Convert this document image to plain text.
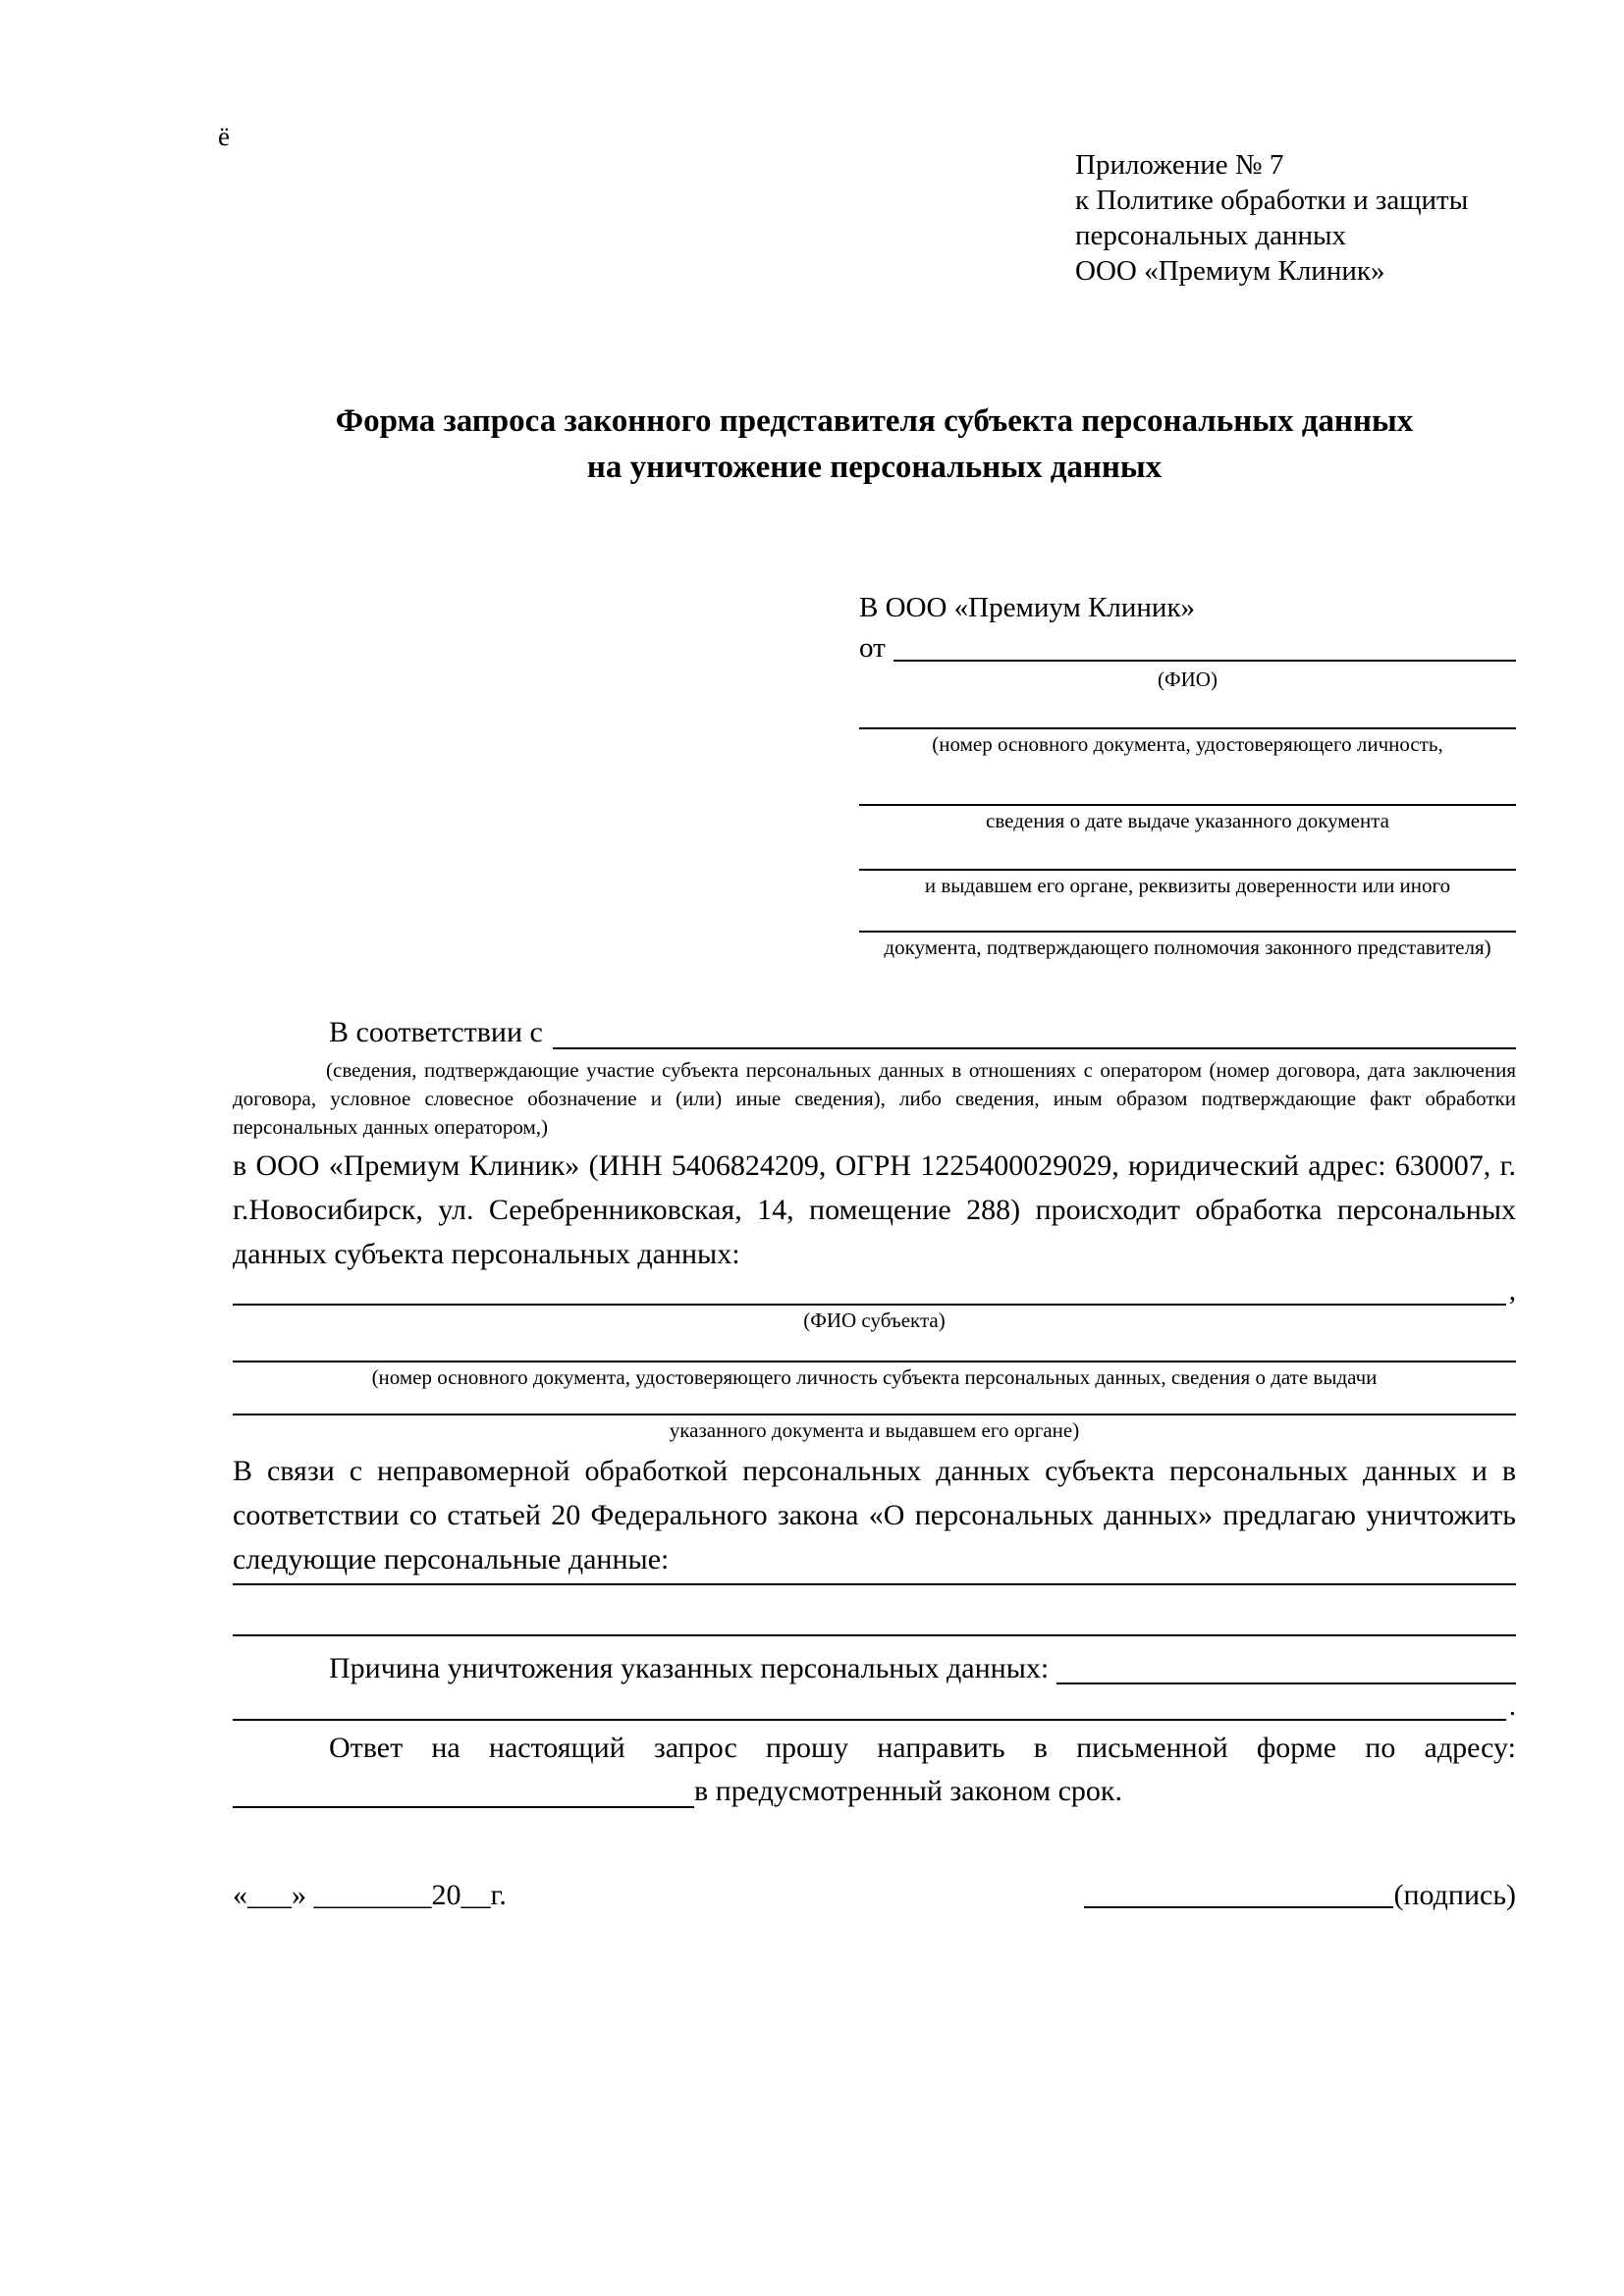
ё
Приложение № 7
к Политике обработки и защиты
персональных данных
ООО «Премиум Клиник»
Форма запроса законного представителя субъекта персональных данных
на уничтожение персональных данных
В ООО «Премиум Клиник»
от
(ФИО)
(номер основного документа, удостоверяющего личность,
сведения о дате выдаче указанного документа
и выдавшем его органе, реквизиты доверенности или иного
документа, подтверждающего полномочия законного представителя)
В соответствии с
(сведения, подтверждающие участие субъекта персональных данных в отношениях с оператором (номер договора, дата заключения договора, условное словесное обозначение и (или) иные сведения), либо сведения, иным образом подтверждающие факт обработки персональных данных оператором,)
в ООО «Премиум Клиник» (ИНН 5406824209, ОГРН 1225400029029, юридический адрес: 630007, г. г.Новосибирск, ул. Серебренниковская, 14, помещение 288) происходит обработка персональных данных субъекта персональных данных:
,
(ФИО субъекта)
(номер основного документа, удостоверяющего личность субъекта персональных данных, сведения о дате выдачи
указанного документа и выдавшем его органе)
В связи с неправомерной обработкой персональных данных субъекта персональных данных и в соответствии со статьей 20 Федерального закона «О персональных данных» предлагаю уничтожить следующие персональные данные:
Причина уничтожения указанных персональных данных:
.
Ответ на настоящий запрос прошу направить в письменной форме по адресу:
в предусмотренный законом срок.
«___» ________20__г.	(подпись)
